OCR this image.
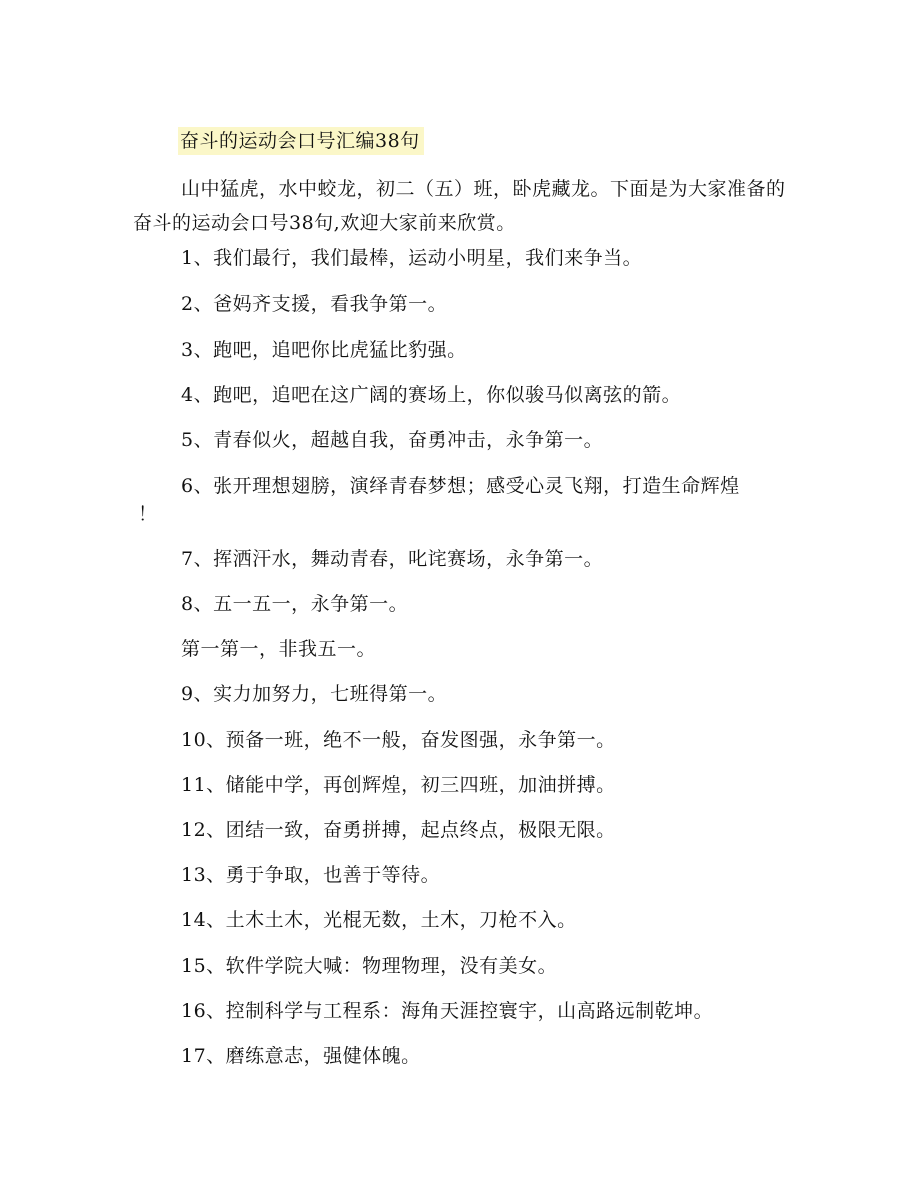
奋斗的运动会口号汇编38句
山中猛虎，水中蛟龙，初二（五）班，卧虎藏龙。下面是为大家准备的奋斗的运动会口号38句,欢迎大家前来欣赏。
1、我们最行，我们最棒，运动小明星，我们来争当。
2、爸妈齐支援，看我争第一。
3、跑吧，追吧你比虎猛比豹强。
4、跑吧，追吧在这广阔的赛场上，你似骏马似离弦的箭。
5、青春似火，超越自我，奋勇冲击，永争第一。
6、张开理想翅膀，演绎青春梦想；感受心灵飞翔，打造生命辉煌
！
7、挥洒汗水，舞动青春，叱诧赛场，永争第一。
8、五一五一，永争第一。
第一第一，非我五一。
9、实力加努力，七班得第一。
10、预备一班，绝不一般，奋发图强，永争第一。
11、储能中学，再创辉煌，初三四班，加油拼搏。
12、团结一致，奋勇拼搏，起点终点，极限无限。
13、勇于争取，也善于等待。
14、土木土木，光棍无数，土木，刀枪不入。
15、软件学院大喊：物理物理，没有美女。
16、控制科学与工程系：海角天涯控寰宇，山高路远制乾坤。
17、磨练意志，强健体魄。
